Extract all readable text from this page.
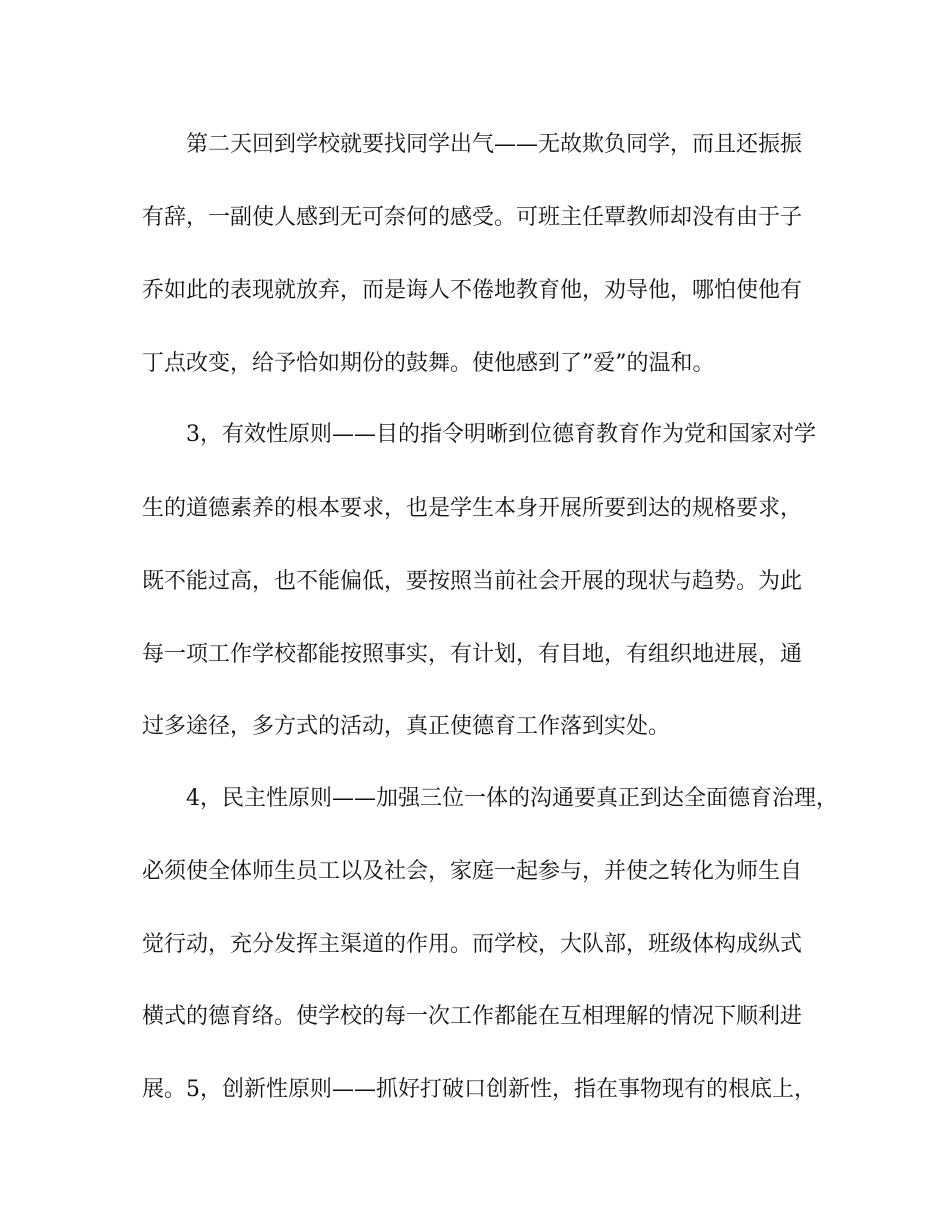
第二天回到学校就要找同学出气——无故欺负同学，而且还振振
有辞，一副使人感到无可奈何的感受。可班主任覃教师却没有由于子
乔如此的表现就放弃，而是诲人不倦地教育他，劝导他，哪怕使他有
丁点改变，给予恰如期份的鼓舞。使他感到了”爱”的温和。
3，有效性原则——目的指令明晰到位德育教育作为党和国家对学
生的道德素养的根本要求，也是学生本身开展所要到达的规格要求，
既不能过高，也不能偏低，要按照当前社会开展的现状与趋势。为此
每一项工作学校都能按照事实，有计划，有目地，有组织地进展，通
过多途径，多方式的活动，真正使德育工作落到实处。
4，民主性原则——加强三位一体的沟通要真正到达全面德育治理，
必须使全体师生员工以及社会，家庭一起参与，并使之转化为师生自
觉行动，充分发挥主渠道的作用。而学校，大队部，班级体构成纵式
横式的德育络。使学校的每一次工作都能在互相理解的情况下顺利进
展。5，创新性原则——抓好打破口创新性，指在事物现有的根底上，
